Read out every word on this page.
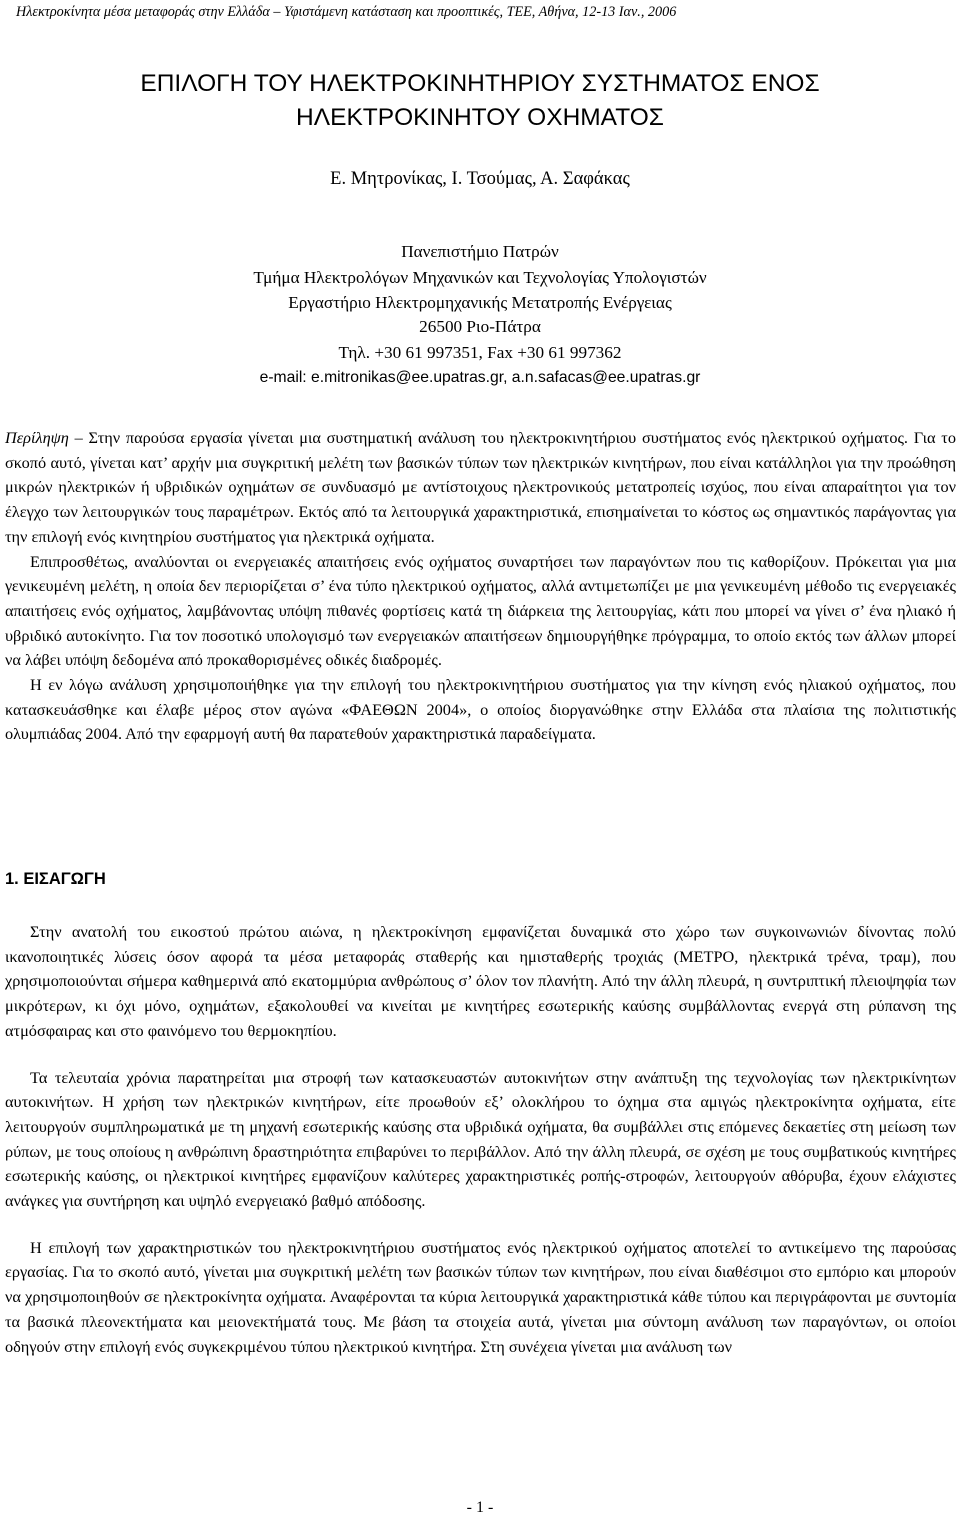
Ηλεκτροκίνητα μέσα μεταφοράς στην Ελλάδα – Υφιστάμενη κατάσταση και προοπτικές, ΤΕΕ, Αθήνα, 12-13 Ιαν., 2006
ΕΠΙΛΟΓΗ ΤΟΥ ΗΛΕΚΤΡΟΚΙΝΗΤΗΡΙΟΥ ΣΥΣΤΗΜΑΤΟΣ ΕΝΟΣ
ΗΛΕΚΤΡΟΚΙΝΗΤΟΥ ΟΧΗΜΑΤΟΣ
Ε. Μητρονίκας, Ι. Τσούμας, Α. Σαφάκας
Πανεπιστήμιο Πατρών
Τμήμα Ηλεκτρολόγων Μηχανικών και Τεχνολογίας Υπολογιστών
Εργαστήριο Ηλεκτρομηχανικής Μετατροπής Ενέργειας
26500 Ριο-Πάτρα
Τηλ. +30 61 997351, Fax +30 61 997362
e-mail: e.mitronikas@ee.upatras.gr, a.n.safacas@ee.upatras.gr

Περίληψη – Στην παρούσα εργασία γίνεται μια συστηματική ανάλυση του ηλεκτροκινητήριου συστήματος ενός ηλεκτρικού οχήματος. Για το σκοπό αυτό, γίνεται κατ’ αρχήν μια συγκριτική μελέτη των βασικών τύπων των ηλεκτρικών κινητήρων, που είναι κατάλληλοι για την προώθηση μικρών ηλεκτρικών ή υβριδικών οχημάτων σε συνδυασμό με αντίστοιχους ηλεκτρονικούς μετατροπείς ισχύος, που είναι απαραίτητοι για τον έλεγχο των λειτουργικών τους παραμέτρων. Εκτός από τα λειτουργικά χαρακτηριστικά, επισημαίνεται το κόστος ως σημαντικός παράγοντας για την επιλογή ενός κινητηρίου συστήματος για ηλεκτρικά οχήματα.

Επιπροσθέτως, αναλύονται οι ενεργειακές απαιτήσεις ενός οχήματος συναρτήσει των παραγόντων που τις καθορίζουν. Πρόκειται για μια γενικευμένη μελέτη, η οποία δεν περιορίζεται σ’ ένα τύπο ηλεκτρικού οχήματος, αλλά αντιμετωπίζει με μια γενικευμένη μέθοδο τις ενεργειακές απαιτήσεις ενός οχήματος, λαμβάνοντας υπόψη πιθανές φορτίσεις κατά τη διάρκεια της λειτουργίας, κάτι που μπορεί να γίνει σ’ ένα ηλιακό ή υβριδικό αυτοκίνητο. Για τον ποσοτικό υπολογισμό των ενεργειακών απαιτήσεων δημιουργήθηκε πρόγραμμα, το οποίο εκτός των άλλων μπορεί να λάβει υπόψη δεδομένα από προκαθορισμένες οδικές διαδρομές.

Η εν λόγω ανάλυση χρησιμοποιήθηκε για την επιλογή του ηλεκτροκινητήριου συστήματος για την κίνηση ενός ηλιακού οχήματος, που κατασκευάσθηκε και έλαβε μέρος στον αγώνα «ΦΑΕΘΩΝ 2004», ο οποίος διοργανώθηκε στην Ελλάδα στα πλαίσια της πολιτιστικής ολυμπιάδας 2004. Από την εφαρμογή αυτή θα παρατεθούν χαρακτηριστικά παραδείγματα.

1. ΕΙΣΑΓΩΓΗ

Στην ανατολή του εικοστού πρώτου αιώνα, η ηλεκτροκίνηση εμφανίζεται δυναμικά στο χώρο των συγκοινωνιών δίνοντας πολύ ικανοποιητικές λύσεις όσον αφορά τα μέσα μεταφοράς σταθερής και ημισταθερής τροχιάς (ΜΕΤΡΟ, ηλεκτρικά τρένα, τραμ), που χρησιμοποιούνται σήμερα καθημερινά από εκατομμύρια ανθρώπους σ’ όλον τον πλανήτη. Από την άλλη πλευρά, η συντριπτική πλειοψηφία των μικρότερων, κι όχι μόνο, οχημάτων, εξακολουθεί να κινείται με κινητήρες εσωτερικής καύσης συμβάλλοντας ενεργά στη ρύπανση της ατμόσφαιρας και στο φαινόμενο του θερμοκηπίου.

Τα τελευταία χρόνια παρατηρείται μια στροφή των κατασκευαστών αυτοκινήτων στην ανάπτυξη της τεχνολογίας των ηλεκτρικίνητων αυτοκινήτων. Η χρήση των ηλεκτρικών κινητήρων, είτε προωθούν εξ’ ολοκλήρου το όχημα στα αμιγώς ηλεκτροκίνητα οχήματα, είτε λειτουργούν συμπληρωματικά με τη μηχανή εσωτερικής καύσης στα υβριδικά οχήματα, θα συμβάλλει στις επόμενες δεκαετίες στη μείωση των ρύπων, με τους οποίους η ανθρώπινη δραστηριότητα επιβαρύνει το περιβάλλον. Από την άλλη πλευρά, σε σχέση με τους συμβατικούς κινητήρες εσωτερικής καύσης, οι ηλεκτρικοί κινητήρες εμφανίζουν καλύτερες χαρακτηριστικές ροπής-στροφών, λειτουργούν αθόρυβα, έχουν ελάχιστες ανάγκες για συντήρηση και υψηλό ενεργειακό βαθμό απόδοσης.

Η επιλογή των χαρακτηριστικών του ηλεκτροκινητήριου συστήματος ενός ηλεκτρικού οχήματος αποτελεί το αντικείμενο της παρούσας εργασίας. Για το σκοπό αυτό, γίνεται μια συγκριτική μελέτη των βασικών τύπων των κινητήρων, που είναι διαθέσιμοι στο εμπόριο και μπορούν να χρησιμοποιηθούν σε ηλεκτροκίνητα οχήματα. Αναφέρονται τα κύρια λειτουργικά χαρακτηριστικά κάθε τύπου και περιγράφονται με συντομία τα βασικά πλεονεκτήματα και μειονεκτήματά τους. Με βάση τα στοιχεία αυτά, γίνεται μια σύντομη ανάλυση των παραγόντων, οι οποίοι οδηγούν στην επιλογή ενός συγκεκριμένου τύπου ηλεκτρικού κινητήρα. Στη συνέχεια γίνεται μια ανάλυση των

- 1 -
